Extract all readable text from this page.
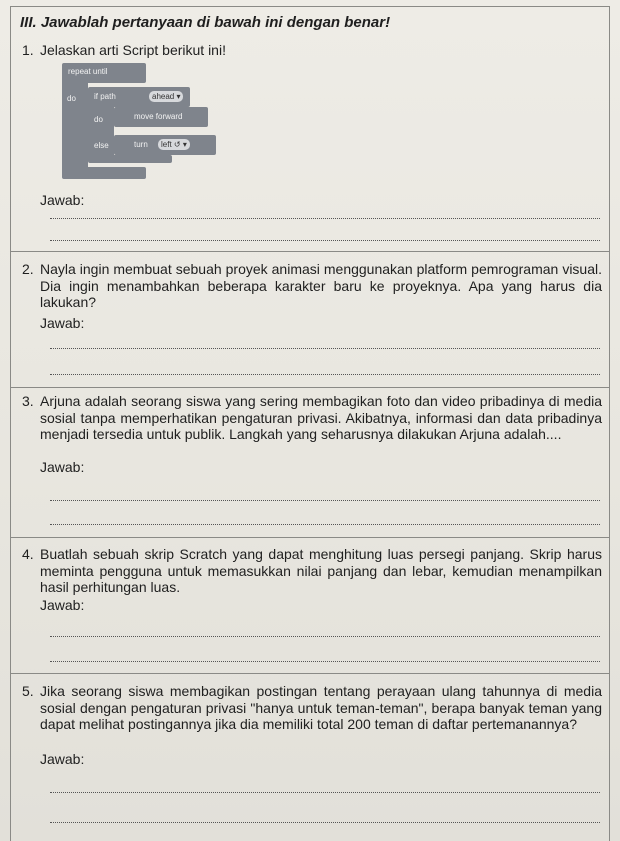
III. Jawablah pertanyaan di bawah ini dengan benar!
1. Jelaskan arti Script berikut ini!
repeat until
do if path	ahead ▾
do	move forward
else	turn	left ↺ ▾
Jawab:
2. Nayla ingin membuat sebuah proyek animasi menggunakan platform pemrograman visual. Dia ingin menambahkan beberapa karakter baru ke proyeknya. Apa yang harus dia lakukan?
Jawab:
3. Arjuna adalah seorang siswa yang sering membagikan foto dan video pribadinya di media sosial tanpa memperhatikan pengaturan privasi. Akibatnya, informasi dan data pribadinya menjadi tersedia untuk publik. Langkah yang seharusnya dilakukan Arjuna adalah....
Jawab:
4. Buatlah sebuah skrip Scratch yang dapat menghitung luas persegi panjang. Skrip harus meminta pengguna untuk memasukkan nilai panjang dan lebar, kemudian menampilkan hasil perhitungan luas.
Jawab:
5. Jika seorang siswa membagikan postingan tentang perayaan ulang tahunnya di media sosial dengan pengaturan privasi "hanya untuk teman-teman", berapa banyak teman yang dapat melihat postingannya jika dia memiliki total 200 teman di daftar pertemanannya?
Jawab:
